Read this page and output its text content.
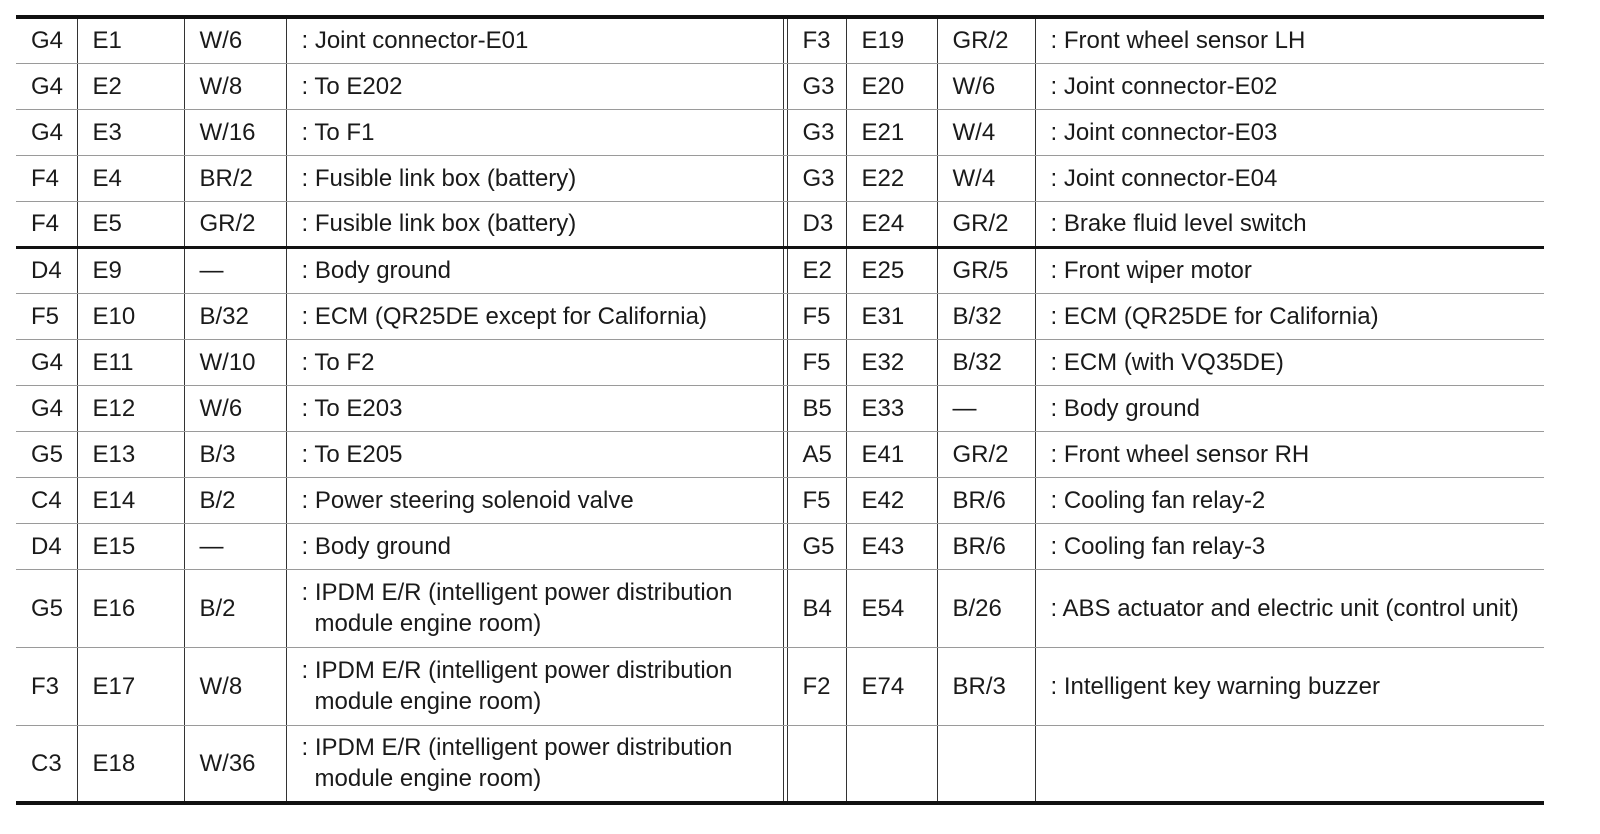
G4	E1	W/6	: Joint connector-E01		F3	E19	GR/2	: Front wheel sensor LH

G4	E2	W/8	: To E202		G3	E20	W/6	: Joint connector-E02

G4	E3	W/16	: To F1		G3	E21	W/4	: Joint connector-E03

F4	E4	BR/2	: Fusible link box (battery)		G3	E22	W/4	: Joint connector-E04

F4	E5	GR/2	: Fusible link box (battery)		D3	E24	GR/2	: Brake fluid level switch

D4	E9	—	: Body ground		E2	E25	GR/5	: Front wiper motor

F5	E10	B/32	: ECM (QR25DE except for California)		F5	E31	B/32	: ECM (QR25DE for California)

G4	E11	W/10	: To F2		F5	E32	B/32	: ECM (with VQ35DE)

G4	E12	W/6	: To E203		B5	E33	—	: Body ground

G5	E13	B/3	: To E205		A5	E41	GR/2	: Front wheel sensor RH

C4	E14	B/2	: Power steering solenoid valve		F5	E42	BR/6	: Cooling fan relay-2

D4	E15	—	: Body ground		G5	E43	BR/6	: Cooling fan relay-3

G5	E16	B/2	: IPDM E/R (intelligent power distribution module engine room)		B4	E54	B/26	: ABS actuator and electric unit (control unit)

F3	E17	W/8	: IPDM E/R (intelligent power distribution module engine room)		F2	E74	BR/3	: Intelligent key warning buzzer

C3	E18	W/36	: IPDM E/R (intelligent power distribution module engine room)					
